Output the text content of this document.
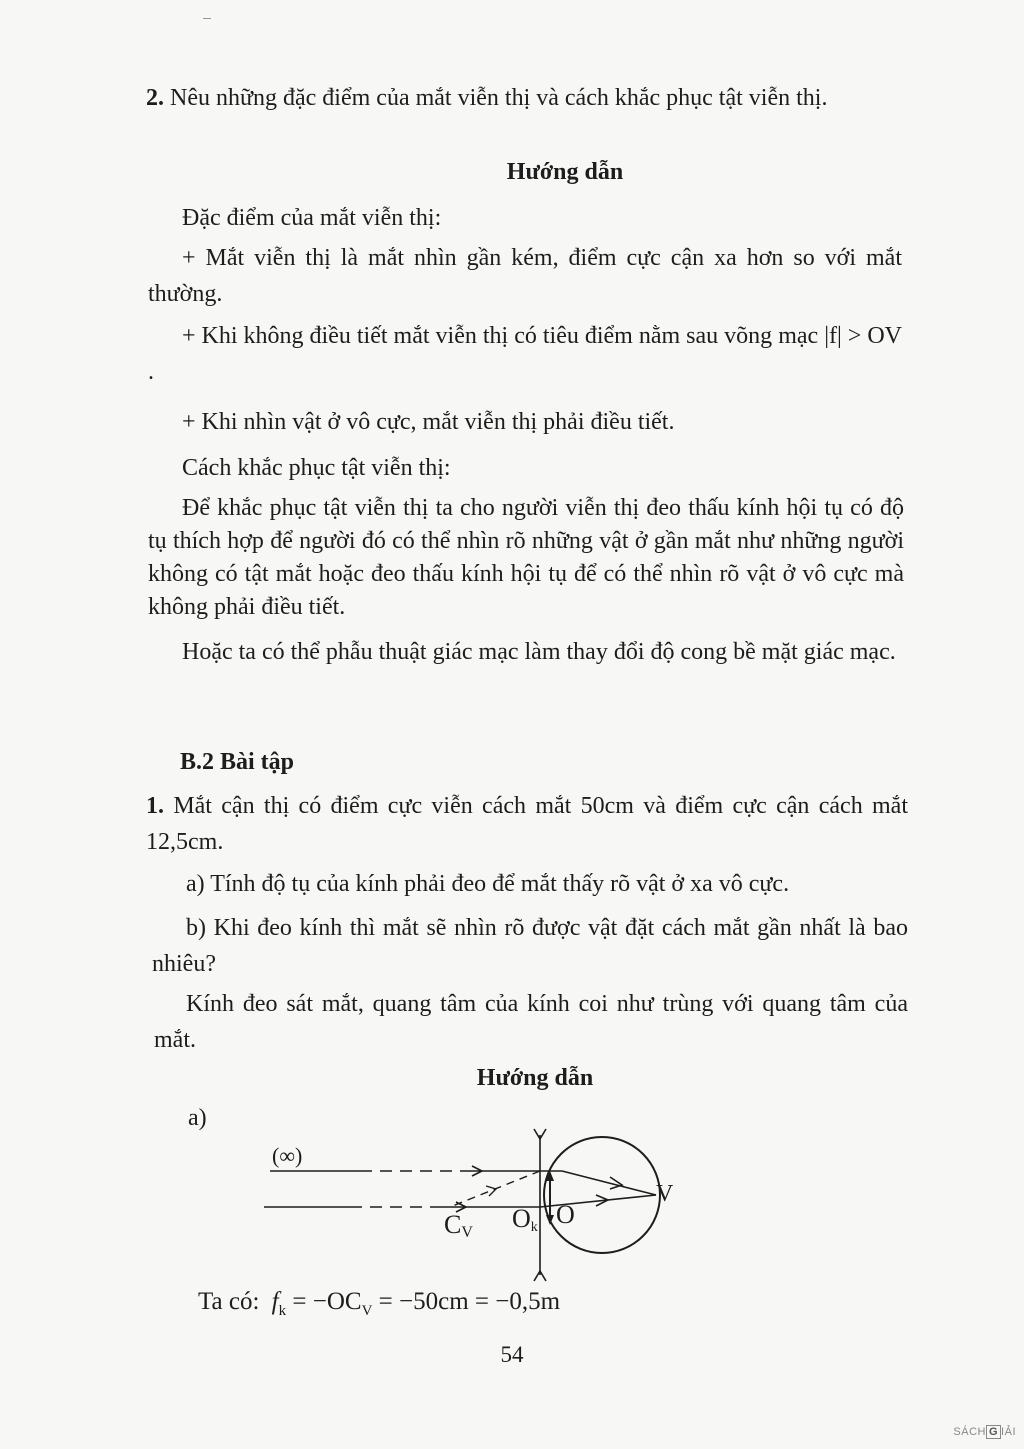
2. Nêu những đặc điểm của mắt viễn thị và cách khắc phục tật viễn thị.

Hướng dẫn

Đặc điểm của mắt viễn thị:

+ Mắt viễn thị là mắt nhìn gần kém, điểm cực cận xa hơn so với mắt thường.

+ Khi không điều tiết mắt viễn thị có tiêu điểm nằm sau võng mạc |f| > OV .

+ Khi nhìn vật ở vô cực, mắt viễn thị phải điều tiết.

Cách khắc phục tật viễn thị:

Để khắc phục tật viễn thị ta cho người viễn thị đeo thấu kính hội tụ có độ tụ thích hợp để người đó có thể nhìn rõ những vật ở gần mắt như những người không có tật mắt hoặc đeo thấu kính hội tụ để có thể nhìn rõ vật ở vô cực mà không phải điều tiết.

Hoặc ta có thể phẫu thuật giác mạc làm thay đổi độ cong bề mặt giác mạc.

B.2 Bài tập

1. Mắt cận thị có điểm cực viễn cách mắt 50cm và điểm cực cận cách mắt 12,5cm.

a) Tính độ tụ của kính phải đeo để mắt thấy rõ vật ở xa vô cực.

b) Khi đeo kính thì mắt sẽ nhìn rõ được vật đặt cách mắt gần nhất là bao nhiêu?

Kính đeo sát mắt, quang tâm của kính coi như trùng với quang tâm của mắt.

Hướng dẫn

a)

(∞)
CV Ok O
V
Ta có: $f_k = -OC_V = -50cm = -0,5m$
54
SÁCH G IẢI
